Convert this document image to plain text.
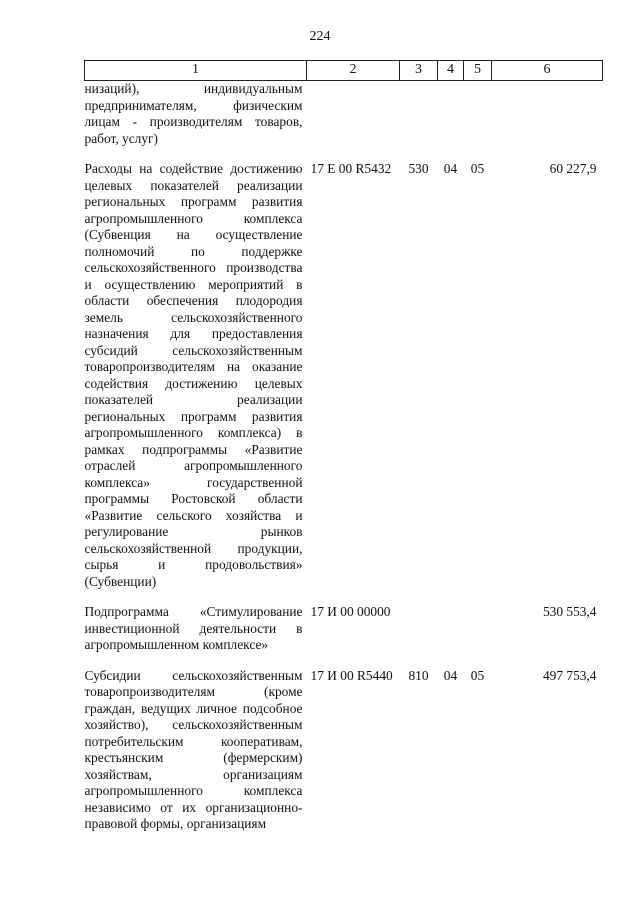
224
1	2	3	4	5	6
низаций), индивидуальным предпринимателям, физическим лицам - производителям товаров, работ, услуг)					
Расходы на содействие достижению целевых показателей реализации региональных программ развития агропромышленного комплекса (Субвенция на осуществление полномочий по поддержке сельскохозяйственного производства и осуществлению мероприятий в области обеспечения плодородия земель сельскохозяйственного назначения для предоставления субсидий сельскохозяйственным товаропроизводителям на оказание содействия достижению целевых показателей реализации региональных программ развития агропромышленного комплекса) в рамках подпрограммы «Развитие отраслей агропромышленного комплекса» государственной программы Ростовской области «Развитие сельского хозяйства и регулирование рынков сельскохозяйственной продукции, сырья и продовольствия» (Субвенции)	17 Е 00 R5432	530	04	05	60 227,9
Подпрограмма «Стимулирование инвестиционной деятельности в агропромышленном комплексе»	17 И 00 00000				530 553,4
Субсидии сельскохозяйственным товаропроизводителям (кроме граждан, ведущих личное подсобное хозяйство), сельскохозяйственным потребительским кооперативам, крестьянским (фермерским) хозяйствам, организациям агропромышленного комплекса независимо от их организационно-правовой формы, организациям	17 И 00 R5440	810	04	05	497 753,4
